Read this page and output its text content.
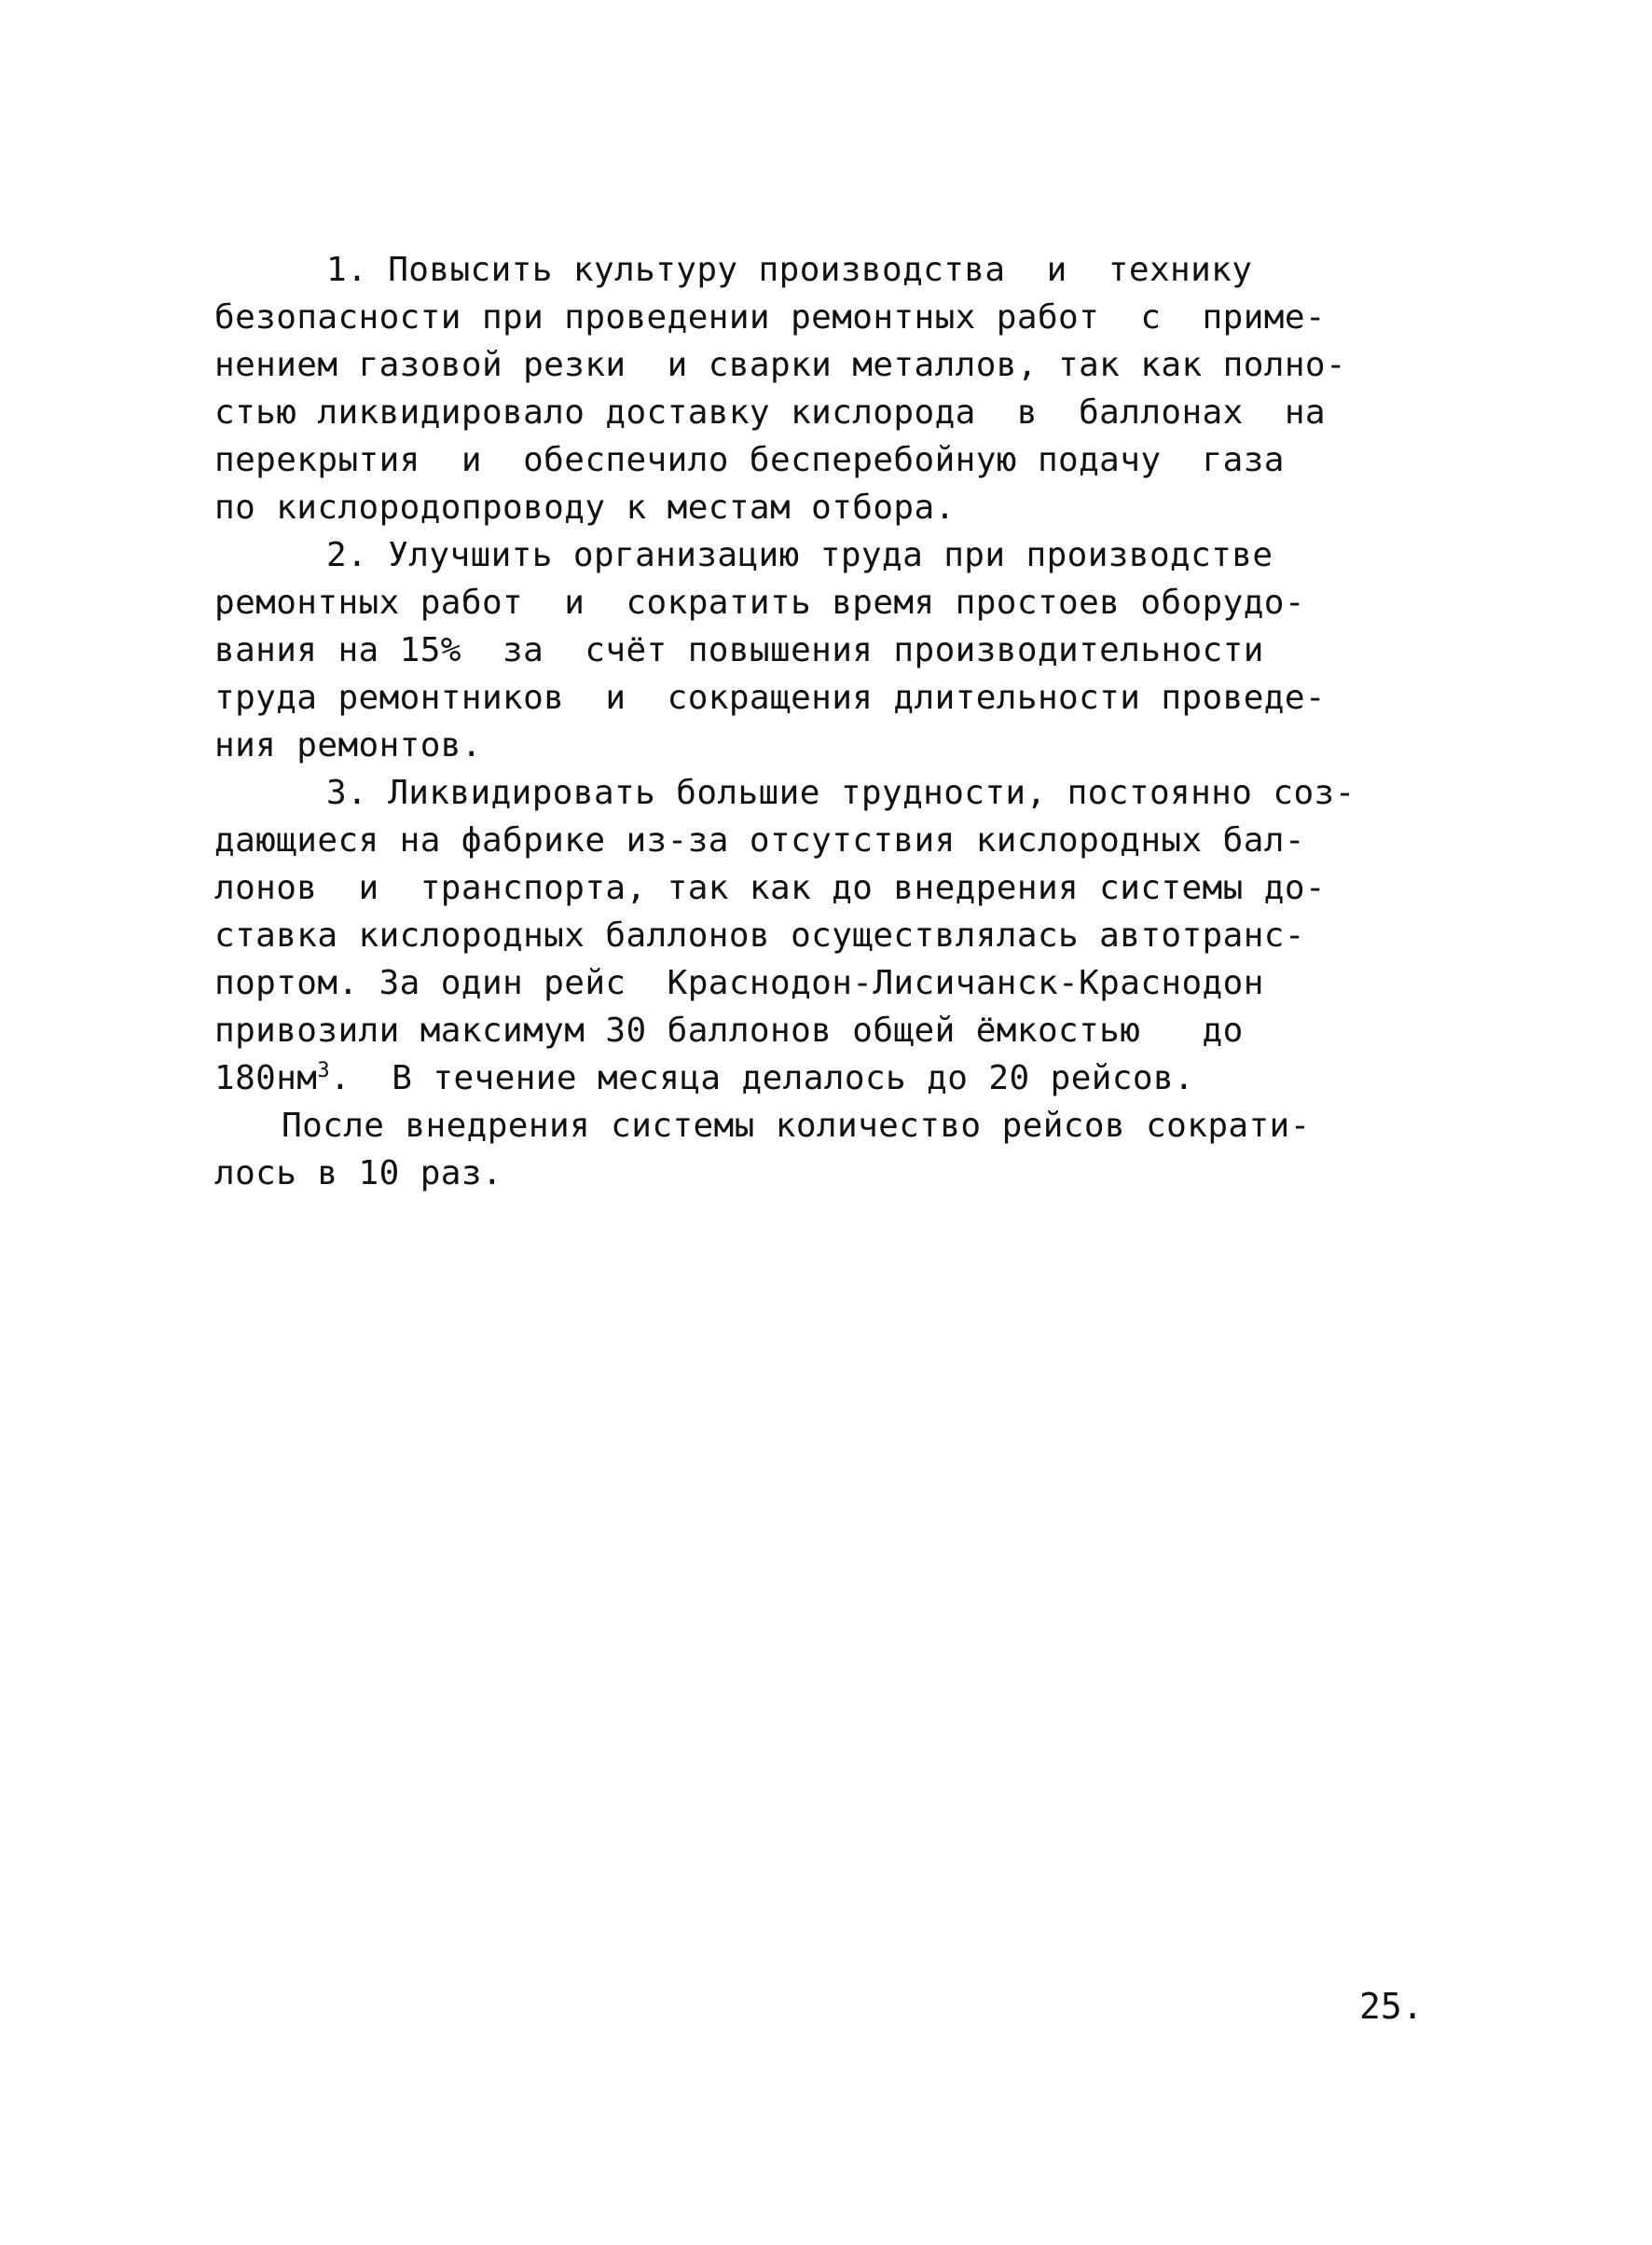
1. Повысить культуру производства  и  технику
безопасности при проведении ремонтных работ  с  приме-
нением газовой резки  и сварки металлов, так как полно-
стью ликвидировало доставку кислорода  в  баллонах  на
перекрытия  и  обеспечило бесперебойную подачу  газа
по кислородопроводу к местам отбора.
2. Улучшить организацию труда при производстве
ремонтных работ  и  сократить время простоев оборудо-
вания на 15%  за  счёт повышения производительности
труда ремонтников  и  сокращения длительности проведе-
ния ремонтов.
3. Ликвидировать большие трудности, постоянно соз-
дающиеся на фабрике из-за отсутствия кислородных бал-
лонов  и  транспорта, так как до внедрения системы до-
ставка кислородных баллонов осуществлялась автотранс-
портом. За один рейс  Краснодон-Лисичанск-Краснодон
привозили максимум 30 баллонов общей ёмкостью   до
$180нм^3$.  В течение месяца делалось до 20 рейсов.
После внедрения системы количество рейсов сократи-
лось в 10 раз.
25.
